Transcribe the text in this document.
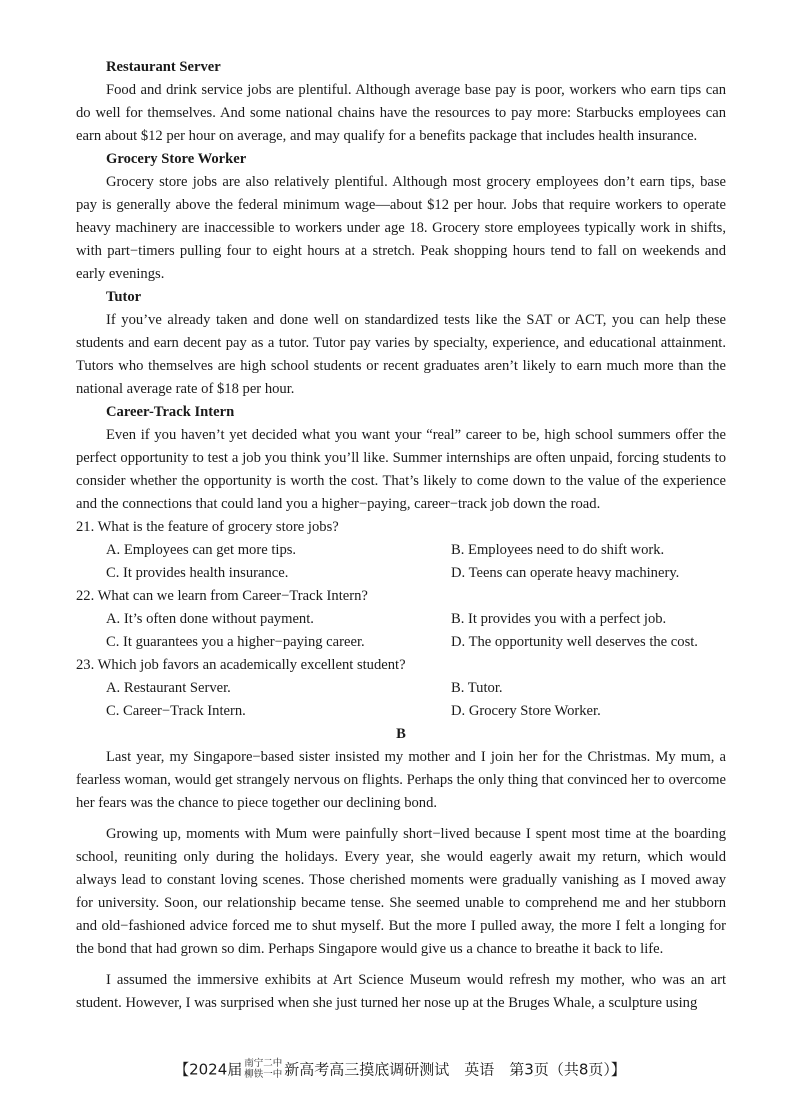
Restaurant Server

Food and drink service jobs are plentiful. Although average base pay is poor, workers who earn tips can do well for themselves. And some national chains have the resources to pay more: Starbucks employees can earn about $12 per hour on average, and may qualify for a benefits package that includes health insurance.

Grocery Store Worker

Grocery store jobs are also relatively plentiful. Although most grocery employees don’t earn tips, base pay is generally above the federal minimum wage—about $12 per hour. Jobs that require workers to operate heavy machinery are inaccessible to workers under age 18. Grocery store employees typically work in shifts, with part−timers pulling four to eight hours at a stretch. Peak shopping hours tend to fall on weekends and early evenings.

Tutor

If you’ve already taken and done well on standardized tests like the SAT or ACT, you can help these students and earn decent pay as a tutor. Tutor pay varies by specialty, experience, and educational attainment. Tutors who themselves are high school students or recent graduates aren’t likely to earn much more than the national average rate of $18 per hour.

Career-Track Intern

Even if you haven’t yet decided what you want your “real” career to be, high school summers offer the perfect opportunity to test a job you think you’ll like. Summer internships are often unpaid, forcing students to consider whether the opportunity is worth the cost. That’s likely to come down to the value of the experience and the connections that could land you a higher−paying, career−track job down the road.

21. What is the feature of grocery store jobs?

A. Employees can get more tips.	B. Employees need to do shift work.
C. It provides health insurance.	D. Teens can operate heavy machinery.

22. What can we learn from Career−Track Intern?

A. It’s often done without payment.	B. It provides you with a perfect job.
C. It guarantees you a higher−paying career.	D. The opportunity well deserves the cost.

23. Which job favors an academically excellent student?

A. Restaurant Server.	B. Tutor.
C. Career−Track Intern.	D. Grocery Store Worker.

B

Last year, my Singapore−based sister insisted my mother and I join her for the Christmas. My mum, a fearless woman, would get strangely nervous on flights. Perhaps the only thing that convinced her to overcome her fears was the chance to piece together our declining bond.

Growing up, moments with Mum were painfully short−lived because I spent most time at the boarding school, reuniting only during the holidays. Every year, she would eagerly await my return, which would always lead to constant loving scenes. Those cherished moments were gradually vanishing as I moved away for university. Soon, our relationship became tense. She seemed unable to comprehend me and her stubborn and old−fashioned advice forced me to shut myself. But the more I pulled away, the more I felt a longing for the bond that had grown so dim. Perhaps Singapore would give us a chance to breathe it back to life.

I assumed the immersive exhibits at Art Science Museum would refresh my mother, who was an art student. However, I was surprised when she just turned her nose up at the Bruges Whale, a sculpture using

【2024届 南宁二中
柳铁一中 新高考高三摸底调研测试　英语　第3页（共8页）】
